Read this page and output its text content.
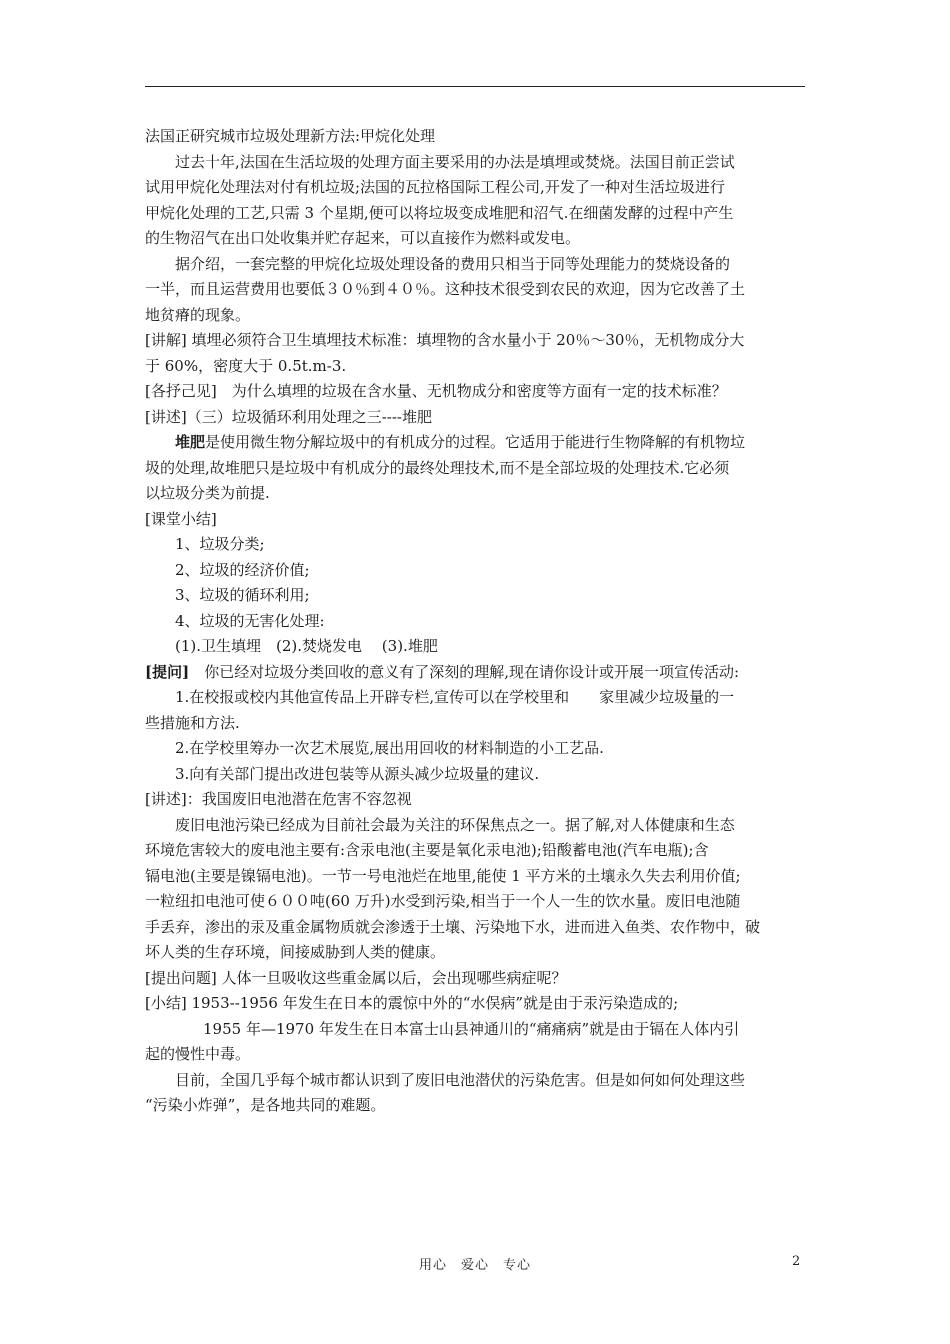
法国正研究城市垃圾处理新方法:甲烷化处理
过去十年,法国在生活垃圾的处理方面主要采用的办法是填埋或焚烧。法国目前正尝试
试用甲烷化处理法对付有机垃圾;法国的瓦拉格国际工程公司,开发了一种对生活垃圾进行
甲烷化处理的工艺,只需 3 个星期,便可以将垃圾变成堆肥和沼气.在细菌发酵的过程中产生
的生物沼气在出口处收集并贮存起来，可以直接作为燃料或发电。
据介绍，一套完整的甲烷化垃圾处理设备的费用只相当于同等处理能力的焚烧设备的
一半，而且运营费用也要低３０％到４０％。这种技术很受到农民的欢迎，因为它改善了土
地贫瘠的现象。
[讲解] 填埋必须符合卫生填埋技术标准：填埋物的含水量小于 20％～30％，无机物成分大
于 60%，密度大于 0.5t.m-3.
[各抒己见]　为什么填埋的垃圾在含水量、无机物成分和密度等方面有一定的技术标准？
[讲述]（三）垃圾循环利用处理之三----堆肥
堆肥是使用微生物分解垃圾中的有机成分的过程。它适用于能进行生物降解的有机物垃
圾的处理,故堆肥只是垃圾中有机成分的最终处理技术,而不是全部垃圾的处理技术.它必须
以垃圾分类为前提.
[课堂小结]
1、垃圾分类;
2、垃圾的经济价值;
3、垃圾的循环利用;
4、垃圾的无害化处理:
(1).卫生填埋　(2).焚烧发电　 (3).堆肥
[提问]　你已经对垃圾分类回收的意义有了深刻的理解,现在请你设计或开展一项宣传活动:
1.在校报或校内其他宣传品上开辟专栏,宣传可以在学校里和　　家里减少垃圾量的一
些措施和方法.
2.在学校里筹办一次艺术展览,展出用回收的材料制造的小工艺品.
3.向有关部门提出改进包装等从源头减少垃圾量的建议.
[讲述]：我国废旧电池潜在危害不容忽视
废旧电池污染已经成为目前社会最为关注的环保焦点之一。据了解,对人体健康和生态
环境危害较大的废电池主要有:含汞电池(主要是氧化汞电池);铅酸蓄电池(汽车电瓶);含
镉电池(主要是镍镉电池)。一节一号电池烂在地里,能使 1 平方米的土壤永久失去利用价值;
一粒纽扣电池可使６００吨(60 万升)水受到污染,相当于一个人一生的饮水量。废旧电池随
手丢弃，渗出的汞及重金属物质就会渗透于土壤、污染地下水，进而进入鱼类、农作物中，破
坏人类的生存环境，间接威胁到人类的健康。
[提出问题] 人体一旦吸收这些重金属以后，会出现哪些病症呢？
[小结] 1953--1956 年发生在日本的震惊中外的“水俣病”就是由于汞污染造成的;
1955 年—1970 年发生在日本富士山县神通川的“痛痛病”就是由于镉在人体内引
起的慢性中毒。
目前，全国几乎每个城市都认识到了废旧电池潜伏的污染危害。但是如何如何处理这些
“污染小炸弹”，是各地共同的难题。
用心　爱心　专心	2
